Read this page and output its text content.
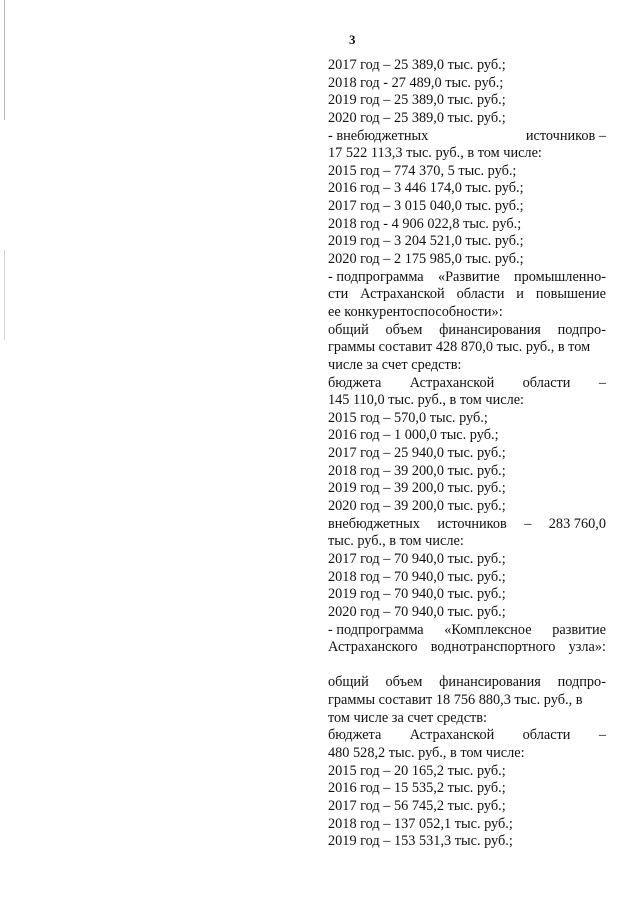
3
2017 год – 25 389,0 тыс. руб.;
2018 год - 27 489,0 тыс. руб.;
2019 год – 25 389,0 тыс. руб.;
2020 год – 25 389,0 тыс. руб.;
- внебюджетных	источников –
17 522 113,3 тыс. руб., в том числе:
2015 год – 774 370, 5 тыс. руб.;
2016 год – 3 446 174,0 тыс. руб.;
2017 год – 3 015 040,0 тыс. руб.;
2018 год - 4 906 022,8 тыс. руб.;
2019 год – 3 204 521,0 тыс. руб.;
2020 год – 2 175 985,0 тыс. руб.;
- подпрограмма «Развитие промышленно-
сти Астраханской области и повышение
ее конкурентоспособности»:
общий объем финансирования подпро-
граммы составит 428 870,0 тыс. руб., в том
числе за счет средств:
бюджета Астраханской области –
145 110,0 тыс. руб., в том числе:
2015 год – 570,0 тыс. руб.;
2016 год – 1 000,0 тыс. руб.;
2017 год – 25 940,0 тыс. руб.;
2018 год – 39 200,0 тыс. руб.;
2019 год – 39 200,0 тыс. руб.;
2020 год – 39 200,0 тыс. руб.;
внебюджетных источников – 283 760,0
тыс. руб., в том числе:
2017 год – 70 940,0 тыс. руб.;
2018 год – 70 940,0 тыс. руб.;
2019 год – 70 940,0 тыс. руб.;
2020 год – 70 940,0 тыс. руб.;
- подпрограмма «Комплексное развитие
Астраханского воднотранспортного узла»:
общий объем финансирования подпро-
граммы составит 18 756 880,3 тыс. руб., в
том числе за счет средств:
бюджета Астраханской области –
480 528,2 тыс. руб., в том числе:
2015 год – 20 165,2 тыс. руб.;
2016 год – 15 535,2 тыс. руб.;
2017 год – 56 745,2 тыс. руб.;
2018 год – 137 052,1 тыс. руб.;
2019 год – 153 531,3 тыс. руб.;
